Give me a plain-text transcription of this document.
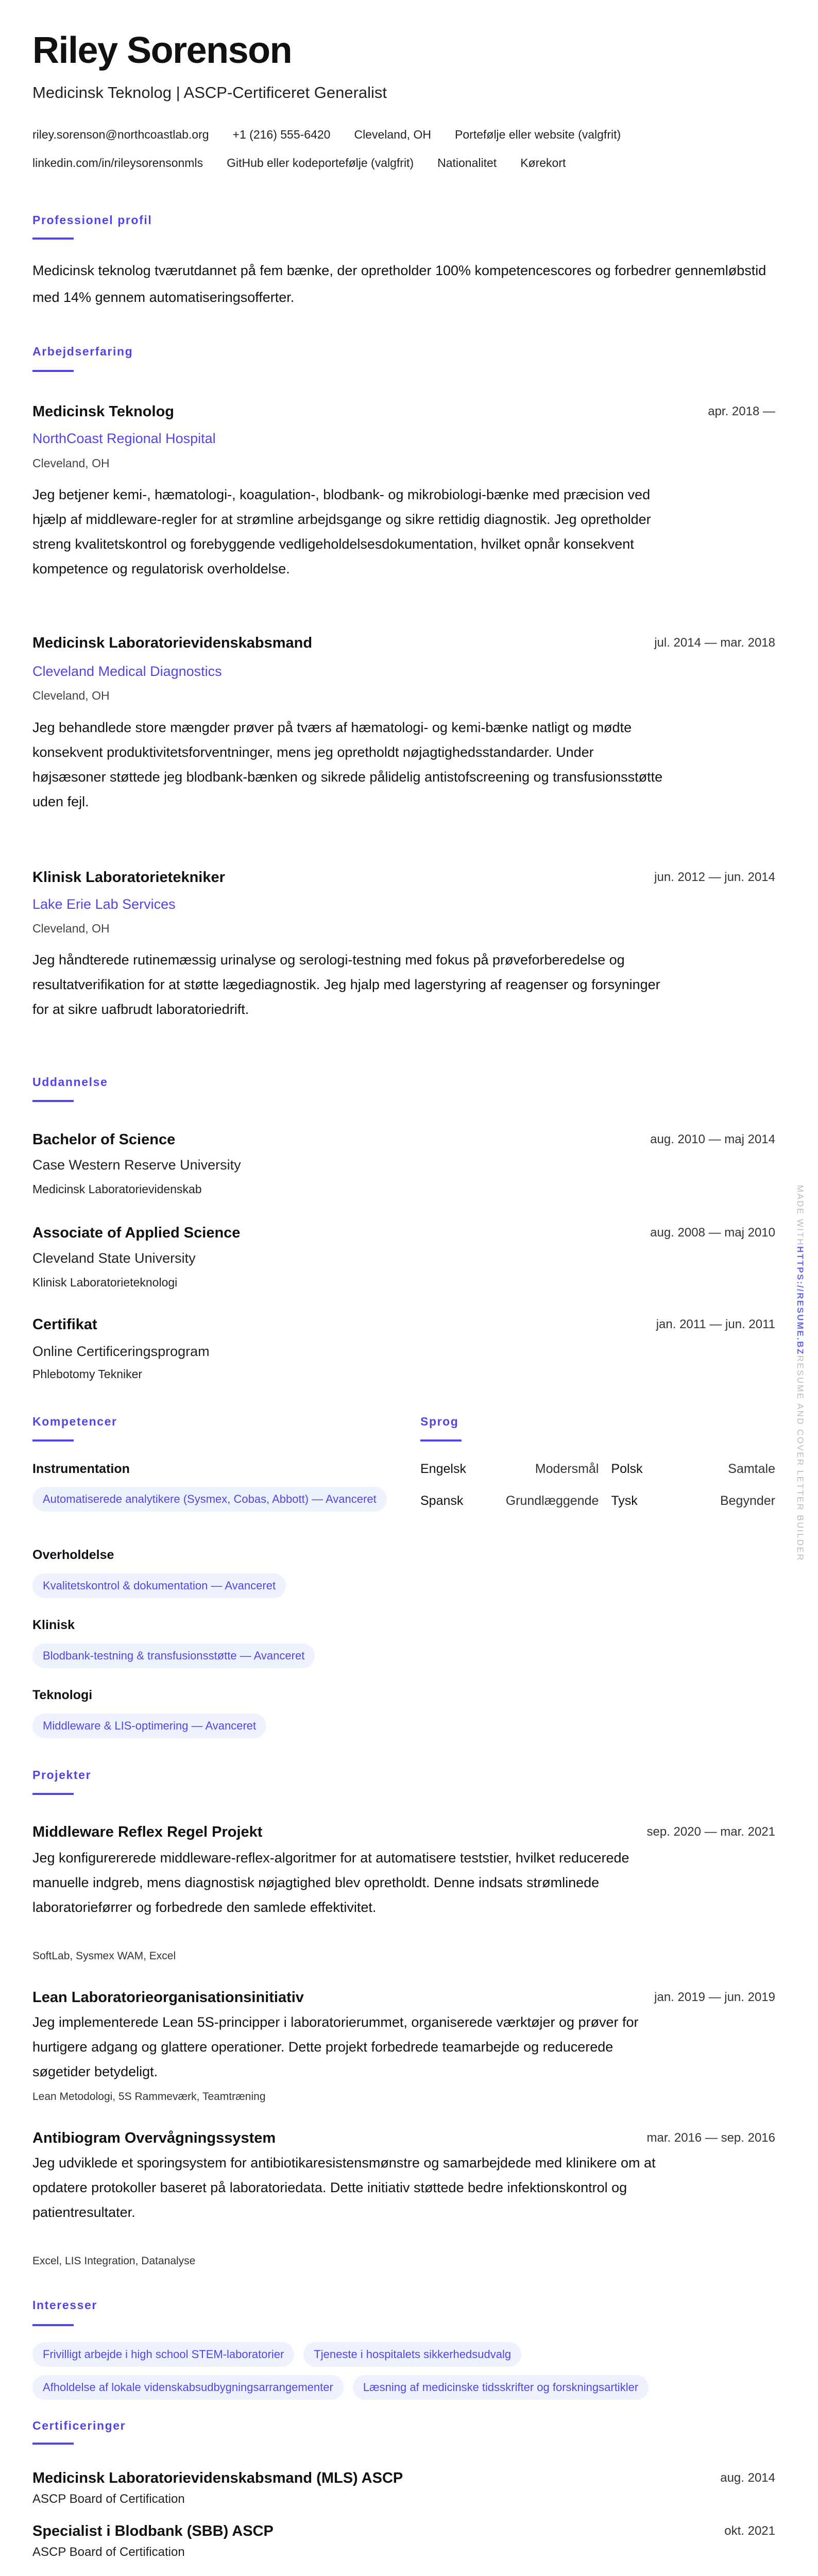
Riley Sorenson
Medicinsk Teknolog | ASCP-Certificeret Generalist
riley.sorenson@northcoastlab.org +1 (216) 555-6420 Cleveland, OH Portefølje eller website (valgfrit)
linkedin.com/in/rileysorensonmls GitHub eller kodeportefølje (valgfrit) Nationalitet Kørekort
Professionel profil

Medicinsk teknolog tværutdannet på fem bænke, der opretholder 100% kompetencescores og forbedrer gennemløbstid med 14% gennem automatiseringsofferter.

Arbejdserfaring
Medicinsk Teknolog	apr. 2018 —
NorthCoast Regional Hospital
Cleveland, OH

Jeg betjener kemi-, hæmatologi-, koagulation-, blodbank- og mikrobiologi-bænke med præcision ved hjælp af middleware-regler for at strømline arbejdsgange og sikre rettidig diagnostik. Jeg opretholder streng kvalitetskontrol og forebyggende vedligeholdelsesdokumentation, hvilket opnår konsekvent kompetence og regulatorisk overholdelse.

Medicinsk Laboratorievidenskabsmand	jul. 2014 — mar. 2018
Cleveland Medical Diagnostics
Cleveland, OH

Jeg behandlede store mængder prøver på tværs af hæmatologi- og kemi-bænke natligt og mødte konsekvent produktivitetsforventninger, mens jeg opretholdt nøjagtighedsstandarder. Under højsæsoner støttede jeg blodbank-bænken og sikrede pålidelig antistofscreening og transfusionsstøtte uden fejl.

Klinisk Laboratorietekniker	jun. 2012 — jun. 2014
Lake Erie Lab Services
Cleveland, OH

Jeg håndterede rutinemæssig urinalyse og serologi-testning med fokus på prøveforberedelse og resultatverifikation for at støtte lægediagnostik. Jeg hjalp med lagerstyring af reagenser og forsyninger for at sikre uafbrudt laboratoriedrift.

Uddannelse
Bachelor of Science	aug. 2010 — maj 2014
Case Western Reserve University
Medicinsk Laboratorievidenskab
Associate of Applied Science	aug. 2008 — maj 2010
Cleveland State University
Klinisk Laboratorieteknologi
Certifikat	jan. 2011 — jun. 2011
Online Certificeringsprogram
Phlebotomy Tekniker
Kompetencer
Instrumentation
Automatiserede analytikere (Sysmex, Cobas, Abbott) — Avanceret
Overholdelse
Kvalitetskontrol & dokumentation — Avanceret
Klinisk
Blodbank-testning & transfusionsstøtte — Avanceret
Teknologi
Middleware & LIS-optimering — Avanceret
Sprog
Engelsk	Modersmål Polsk	Samtale
Spansk	Grundlæggende Tysk	Begynder
Projekter
Middleware Reflex Regel Projekt	sep. 2020 — mar. 2021

Jeg konfigurererede middleware-reflex-algoritmer for at automatisere teststier, hvilket reducerede manuelle indgreb, mens diagnostisk nøjagtighed blev opretholdt. Denne indsats strømlinede laboratorieførrer og forbedrede den samlede effektivitet.

SoftLab, Sysmex WAM, Excel
Lean Laboratorieorganisationsinitiativ	jan. 2019 — jun. 2019

Jeg implementerede Lean 5S-principper i laboratorierummet, organiserede værktøjer og prøver for hurtigere adgang og glattere operationer. Dette projekt forbedrede teamarbejde og reducerede søgetider betydeligt.

Lean Metodologi, 5S Rammeværk, Teamtræning
Antibiogram Overvågningssystem	mar. 2016 — sep. 2016

Jeg udviklede et sporingsystem for antibiotikaresistensmønstre og samarbejdede med klinikere om at opdatere protokoller baseret på laboratoriedata. Dette initiativ støttede bedre infektionskontrol og patientresultater.

Excel, LIS Integration, Datanalyse
Interesser
Frivilligt arbejde i high school STEM-laboratorier	Tjeneste i hospitalets sikkerhedsudvalg
Afholdelse af lokale videnskabsudbygningsarrangementer	Læsning af medicinske tidsskrifter og forskningsartikler
Certificeringer
Medicinsk Laboratorievidenskabsmand (MLS) ASCP	aug. 2014
ASCP Board of Certification
Specialist i Blodbank (SBB) ASCP	okt. 2021
ASCP Board of Certification
MADE WITHHTTPS://RESUME.BZRESUME AND COVER LETTER BUILDER
